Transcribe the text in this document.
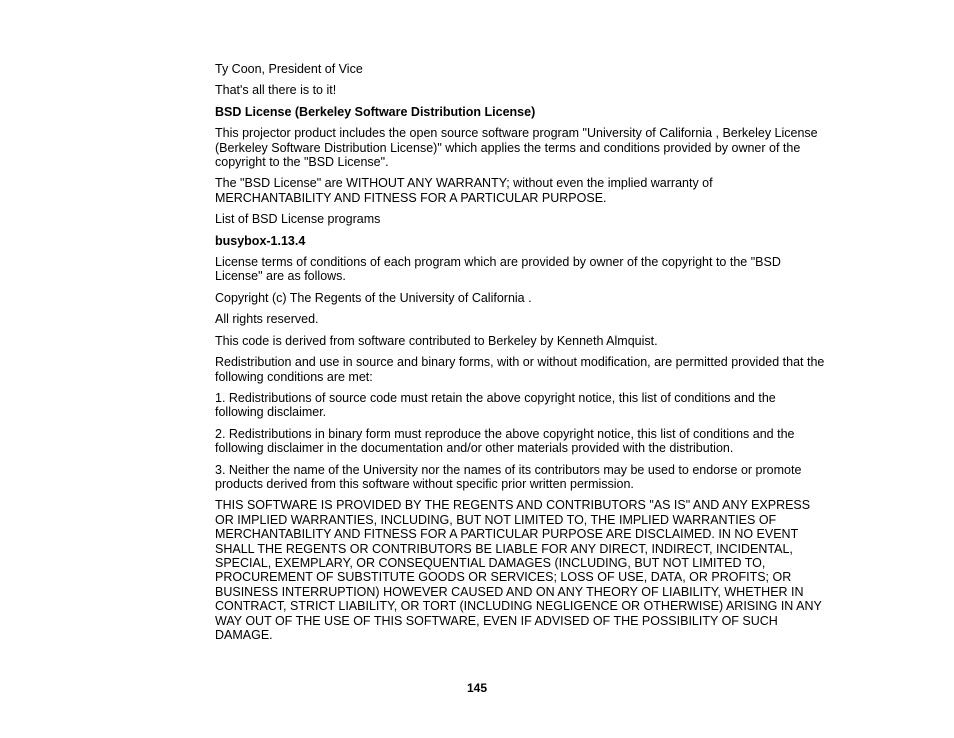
Ty Coon, President of Vice

That's all there is to it!

BSD License (Berkeley Software Distribution License)

This projector product includes the open source software program "University of California , Berkeley License (Berkeley Software Distribution License)" which applies the terms and conditions provided by owner of the copyright to the "BSD License".

The "BSD License" are WITHOUT ANY WARRANTY; without even the implied warranty of MERCHANTABILITY AND FITNESS FOR A PARTICULAR PURPOSE.

List of BSD License programs

busybox-1.13.4

License terms of conditions of each program which are provided by owner of the copyright to the "BSD License" are as follows.

Copyright (c) The Regents of the University of California .

All rights reserved.

This code is derived from software contributed to Berkeley by Kenneth Almquist.

Redistribution and use in source and binary forms, with or without modification, are permitted provided that the following conditions are met:

1. Redistributions of source code must retain the above copyright notice, this list of conditions and the following disclaimer.

2. Redistributions in binary form must reproduce the above copyright notice, this list of conditions and the following disclaimer in the documentation and/or other materials provided with the distribution.

3. Neither the name of the University nor the names of its contributors may be used to endorse or promote products derived from this software without specific prior written permission.

THIS SOFTWARE IS PROVIDED BY THE REGENTS AND CONTRIBUTORS "AS IS" AND ANY EXPRESS OR IMPLIED WARRANTIES, INCLUDING, BUT NOT LIMITED TO, THE IMPLIED WARRANTIES OF MERCHANTABILITY AND FITNESS FOR A PARTICULAR PURPOSE ARE DISCLAIMED. IN NO EVENT SHALL THE REGENTS OR CONTRIBUTORS BE LIABLE FOR ANY DIRECT, INDIRECT, INCIDENTAL, SPECIAL, EXEMPLARY, OR CONSEQUENTIAL DAMAGES (INCLUDING, BUT NOT LIMITED TO, PROCUREMENT OF SUBSTITUTE GOODS OR SERVICES; LOSS OF USE, DATA, OR PROFITS; OR BUSINESS INTERRUPTION) HOWEVER CAUSED AND ON ANY THEORY OF LIABILITY, WHETHER IN CONTRACT, STRICT LIABILITY, OR TORT (INCLUDING NEGLIGENCE OR OTHERWISE) ARISING IN ANY WAY OUT OF THE USE OF THIS SOFTWARE, EVEN IF ADVISED OF THE POSSIBILITY OF SUCH DAMAGE.

145
